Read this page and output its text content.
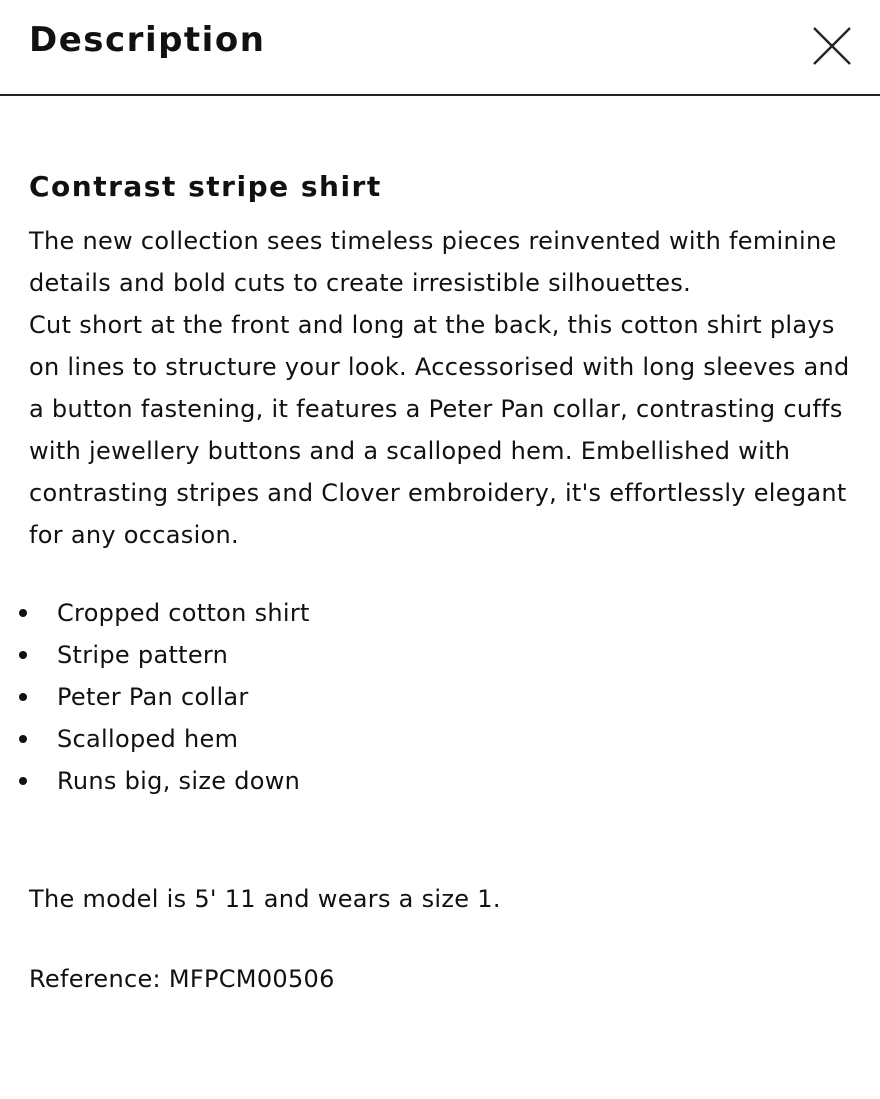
Description
Contrast stripe shirt

The new collection sees timeless pieces reinvented with feminine details and bold cuts to create irresistible silhouettes.

Cut short at the front and long at the back, this cotton shirt plays on lines to structure your look. Accessorised with long sleeves and a button fastening, it features a Peter Pan collar, contrasting cuffs with jewellery buttons and a scalloped hem. Embellished with contrasting stripes and Clover embroidery, it's effortlessly elegant for any occasion.

Cropped cotton shirt
Stripe pattern
Peter Pan collar
Scalloped hem
Runs big, size down

The model is 5' 11 and wears a size 1.

Reference: MFPCM00506
